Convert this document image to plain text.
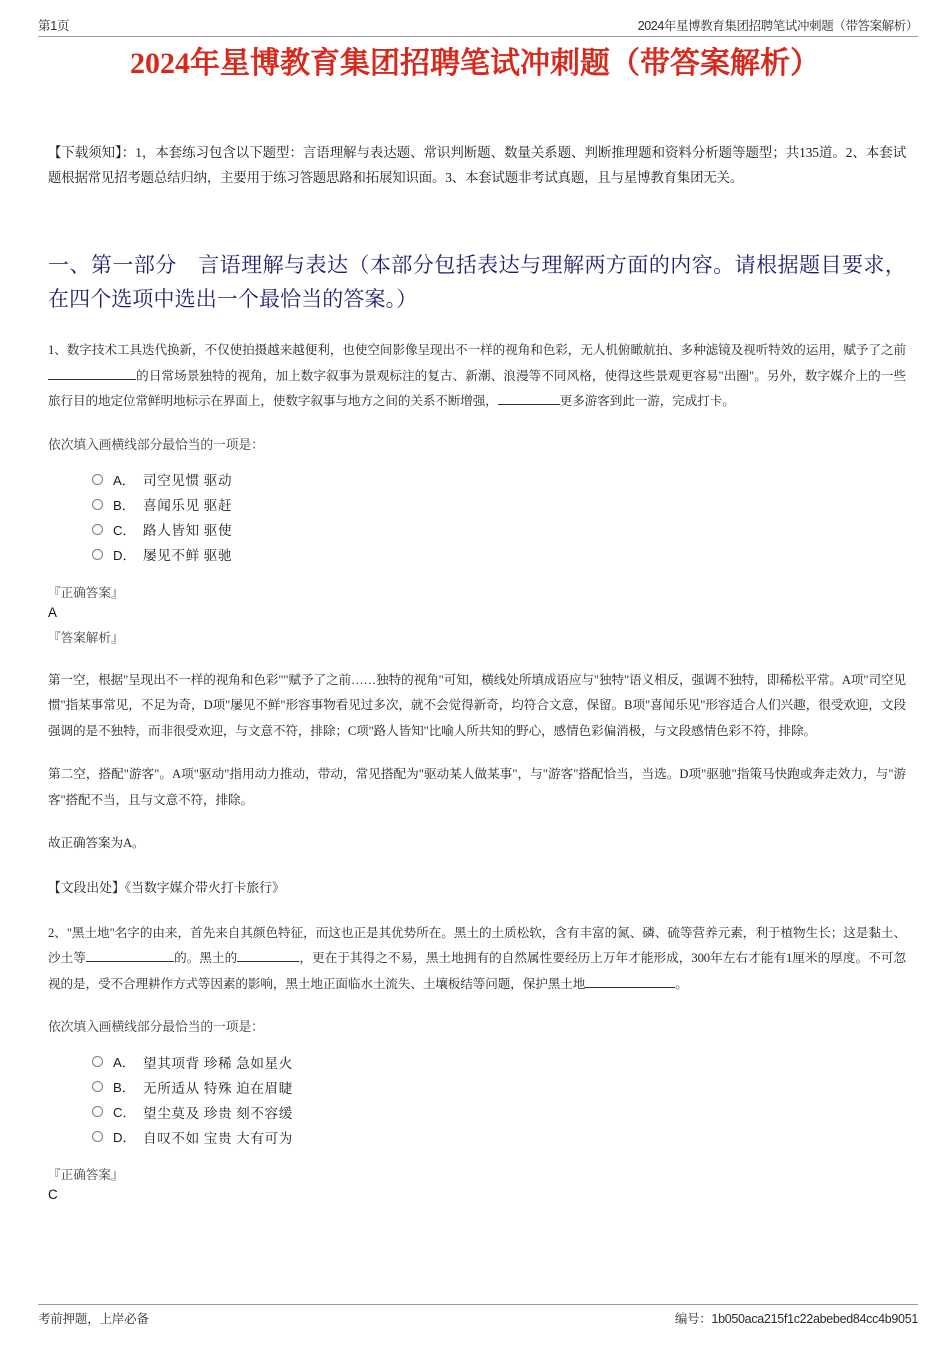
第1页	2024年星博教育集团招聘笔试冲刺题（带答案解析）
2024年星博教育集团招聘笔试冲刺题（带答案解析）
【下载须知】：1，本套练习包含以下题型：言语理解与表达题、常识判断题、数量关系题、判断推理题和资料分析题等题型；共135道。2、本套试题根据常见招考题总结归纳，主要用于练习答题思路和拓展知识面。3、本套试题非考试真题，且与星博教育集团无关。
一、第一部分　言语理解与表达（本部分包括表达与理解两方面的内容。请根据题目要求，在四个选项中选出一个最恰当的答案。）
1、数字技术工具迭代换新，不仅使拍摄越来越便利，也使空间影像呈现出不一样的视角和色彩，无人机俯瞰航拍、多种滤镜及视听特效的运用，赋予了之前的日常场景独特的视角，加上数字叙事为景观标注的复古、新潮、浪漫等不同风格，使得这些景观更容易"出圈"。另外，数字媒介上的一些旅行目的地定位常鲜明地标示在界面上，使数字叙事与地方之间的关系不断增强，	更多游客到此一游，完成打卡。
依次填入画横线部分最恰当的一项是：
A． 司空见惯 驱动
B． 喜闻乐见 驱赶
C． 路人皆知 驱使
D． 屡见不鲜 驱驰
『正确答案』
A
『答案解析』
第一空，根据"呈现出不一样的视角和色彩""赋予了之前……独特的视角"可知，横线处所填成语应与"独特"语义相反，强调不独特，即稀松平常。A项"司空见惯"指某事常见，不足为奇，D项"屡见不鲜"形容事物看见过多次，就不会觉得新奇，均符合文意，保留。B项"喜闻乐见"形容适合人们兴趣，很受欢迎，文段强调的是不独特，而非很受欢迎，与文意不符，排除；C项"路人皆知"比喻人所共知的野心，感情色彩偏消极，与文段感情色彩不符，排除。
第二空，搭配"游客"。A项"驱动"指用动力推动，带动，常见搭配为"驱动某人做某事"，与"游客"搭配恰当，当选。D项"驱驰"指策马快跑或奔走效力，与"游客"搭配不当，且与文意不符，排除。
故正确答案为A。
【文段出处】《当数字媒介带火打卡旅行》
2、"黑土地"名字的由来，首先来自其颜色特征，而这也正是其优势所在。黑土的土质松软，含有丰富的氮、磷、硫等营养元素，利于植物生长；这是黏土、沙土等	的。黑土的	，更在于其得之不易，黑土地拥有的自然属性要经历上万年才能形成，300年左右才能有1厘米的厚度。不可忽视的是，受不合理耕作方式等因素的影响，黑土地正面临水土流失、土壤板结等问题，保护黑土地	。
依次填入画横线部分最恰当的一项是：
A． 望其项背 珍稀 急如星火
B． 无所适从 特殊 迫在眉睫
C． 望尘莫及 珍贵 刻不容缓
D． 自叹不如 宝贵 大有可为
『正确答案』
C
考前押题，上岸必备	编号：1b050aca215f1c22abebed84cc4b9051
